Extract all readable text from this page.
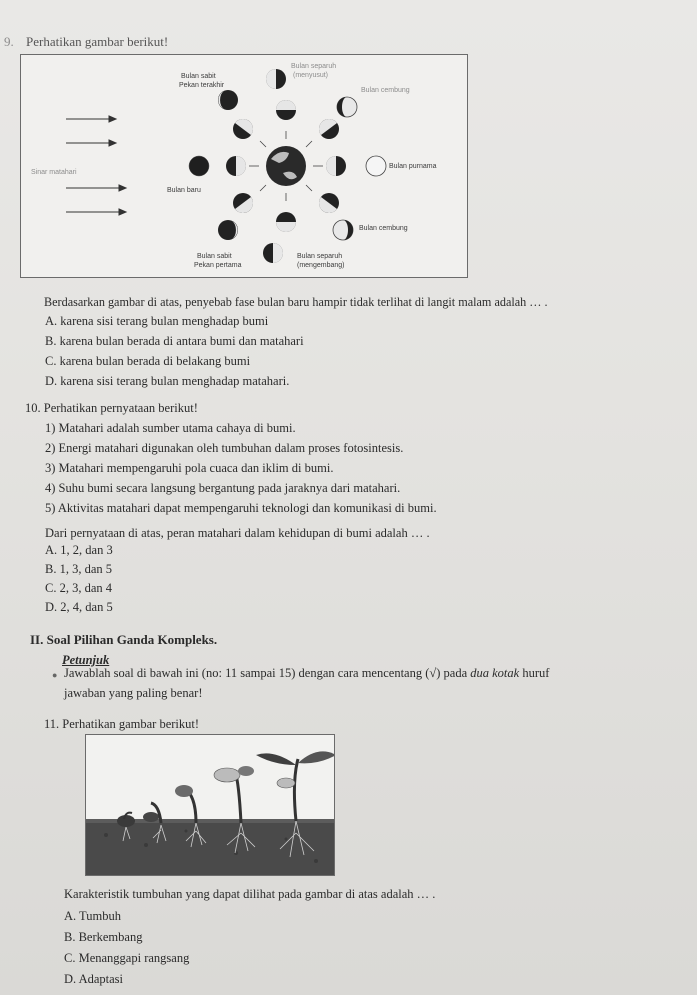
9. Perhatikan gambar berikut!
Bulan sabit
Pekan terakhir
Bulan separuh
(menyusut)
Bulan cembung
Sinar matahari
Bulan baru
Bulan purnama
Bulan cembung
Bulan sabit
Pekan pertama
Bulan separuh
(mengembang)
Berdasarkan gambar di atas, penyebab fase bulan baru hampir tidak terlihat di langit malam adalah … .
A. karena sisi terang bulan menghadap bumi
B. karena bulan berada di antara bumi dan matahari
C. karena bulan berada di belakang bumi
D. karena sisi terang bulan menghadap matahari.
10. Perhatikan pernyataan berikut!
1) Matahari adalah sumber utama cahaya di bumi.
2) Energi matahari digunakan oleh tumbuhan dalam proses fotosintesis.
3) Matahari mempengaruhi pola cuaca dan iklim di bumi.
4) Suhu bumi secara langsung bergantung pada jaraknya dari matahari.
5) Aktivitas matahari dapat mempengaruhi teknologi dan komunikasi di bumi.
Dari pernyataan di atas, peran matahari dalam kehidupan di bumi adalah … .
A. 1, 2, dan 3
B. 1, 3, dan 5
C. 2, 3, dan 4
D. 2, 4, dan 5
II. Soal Pilihan Ganda Kompleks.
Petunjuk
● Jawablah soal di bawah ini (no: 11 sampai 15) dengan cara mencentang (√) pada dua kotak huruf
jawaban yang paling benar!
11. Perhatikan gambar berikut!
Karakteristik tumbuhan yang dapat dilihat pada gambar di atas adalah … .
A. Tumbuh
B. Berkembang
C. Menanggapi rangsang
D. Adaptasi
